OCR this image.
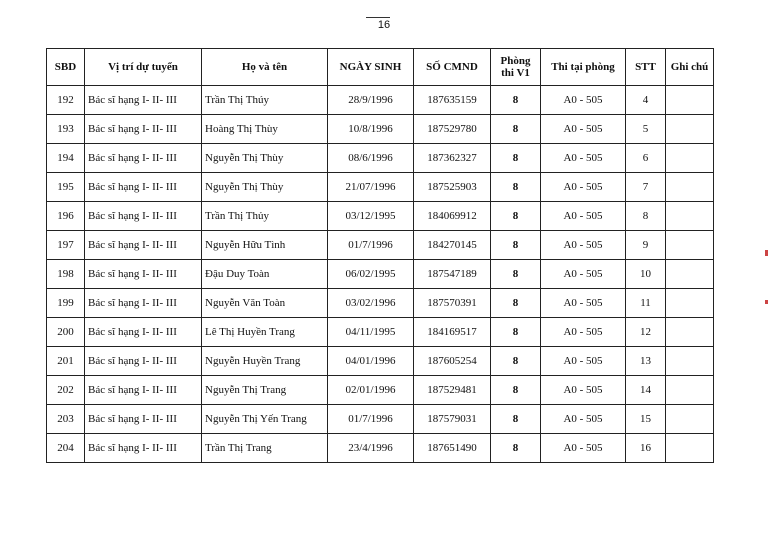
16
SBD	Vị trí dự tuyển	Họ và tên	NGÀY SINH	SỐ CMND	Phòng
thi V1	Thi tại phòng	STT	Ghi chú
192	Bác sĩ hạng I- II- III	Trần Thị Thúy	28/9/1996	187635159	8	A0 - 505	4	
193	Bác sĩ hạng I- II- III	Hoàng Thị Thùy	10/8/1996	187529780	8	A0 - 505	5	
194	Bác sĩ hạng I- II- III	Nguyễn Thị Thùy	08/6/1996	187362327	8	A0 - 505	6	
195	Bác sĩ hạng I- II- III	Nguyễn Thị Thùy	21/07/1996	187525903	8	A0 - 505	7	
196	Bác sĩ hạng I- II- III	Trần Thị Thủy	03/12/1995	184069912	8	A0 - 505	8	
197	Bác sĩ hạng I- II- III	Nguyễn Hữu Tình	01/7/1996	184270145	8	A0 - 505	9	
198	Bác sĩ hạng I- II- III	Đậu Duy Toàn	06/02/1995	187547189	8	A0 - 505	10	
199	Bác sĩ hạng I- II- III	Nguyễn Văn Toàn	03/02/1996	187570391	8	A0 - 505	11	
200	Bác sĩ hạng I- II- III	Lê Thị Huyền Trang	04/11/1995	184169517	8	A0 - 505	12	
201	Bác sĩ hạng I- II- III	Nguyễn Huyền Trang	04/01/1996	187605254	8	A0 - 505	13	
202	Bác sĩ hạng I- II- III	Nguyễn Thị Trang	02/01/1996	187529481	8	A0 - 505	14	
203	Bác sĩ hạng I- II- III	Nguyễn Thị Yến Trang	01/7/1996	187579031	8	A0 - 505	15	
204	Bác sĩ hạng I- II- III	Trần Thị Trang	23/4/1996	187651490	8	A0 - 505	16	
